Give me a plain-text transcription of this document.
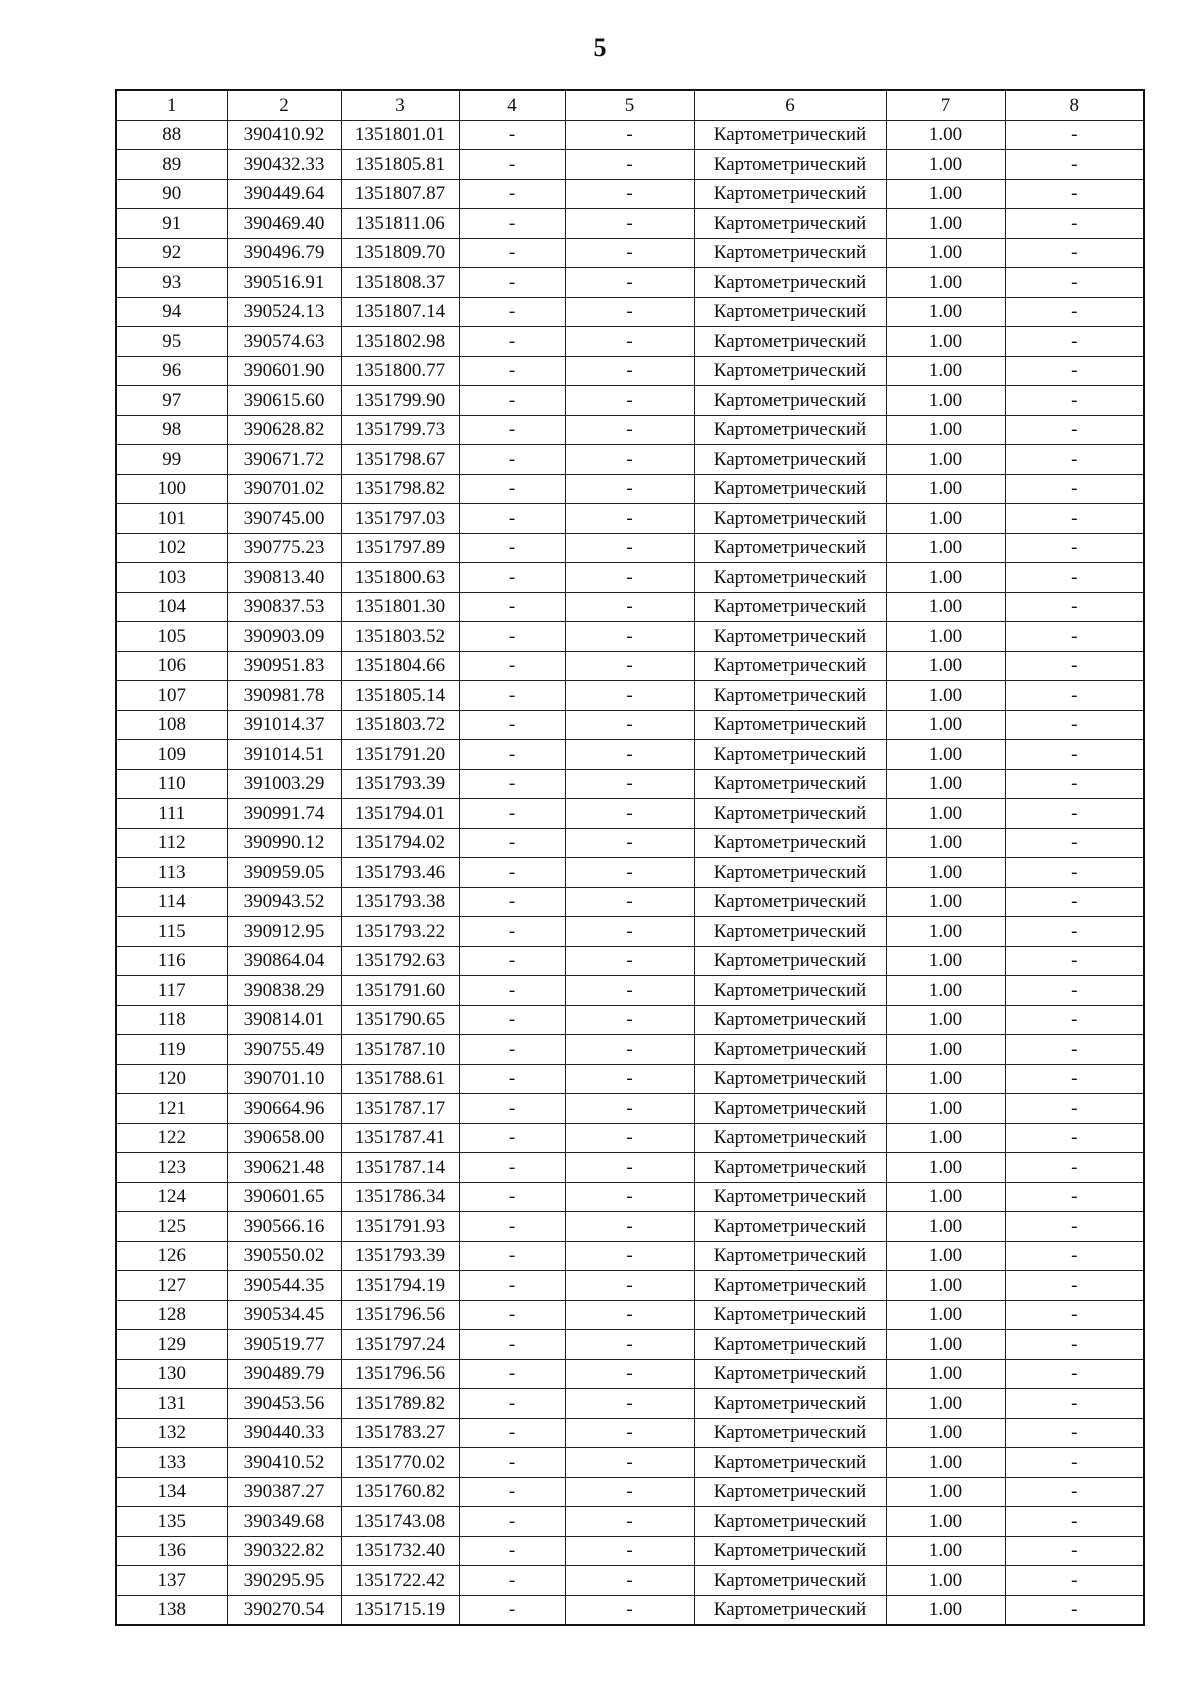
5
1	2	3	4	5	6	7	8
88	390410.92	1351801.01	-	-	Картометрический	1.00	-
89	390432.33	1351805.81	-	-	Картометрический	1.00	-
90	390449.64	1351807.87	-	-	Картометрический	1.00	-
91	390469.40	1351811.06	-	-	Картометрический	1.00	-
92	390496.79	1351809.70	-	-	Картометрический	1.00	-
93	390516.91	1351808.37	-	-	Картометрический	1.00	-
94	390524.13	1351807.14	-	-	Картометрический	1.00	-
95	390574.63	1351802.98	-	-	Картометрический	1.00	-
96	390601.90	1351800.77	-	-	Картометрический	1.00	-
97	390615.60	1351799.90	-	-	Картометрический	1.00	-
98	390628.82	1351799.73	-	-	Картометрический	1.00	-
99	390671.72	1351798.67	-	-	Картометрический	1.00	-
100	390701.02	1351798.82	-	-	Картометрический	1.00	-
101	390745.00	1351797.03	-	-	Картометрический	1.00	-
102	390775.23	1351797.89	-	-	Картометрический	1.00	-
103	390813.40	1351800.63	-	-	Картометрический	1.00	-
104	390837.53	1351801.30	-	-	Картометрический	1.00	-
105	390903.09	1351803.52	-	-	Картометрический	1.00	-
106	390951.83	1351804.66	-	-	Картометрический	1.00	-
107	390981.78	1351805.14	-	-	Картометрический	1.00	-
108	391014.37	1351803.72	-	-	Картометрический	1.00	-
109	391014.51	1351791.20	-	-	Картометрический	1.00	-
110	391003.29	1351793.39	-	-	Картометрический	1.00	-
111	390991.74	1351794.01	-	-	Картометрический	1.00	-
112	390990.12	1351794.02	-	-	Картометрический	1.00	-
113	390959.05	1351793.46	-	-	Картометрический	1.00	-
114	390943.52	1351793.38	-	-	Картометрический	1.00	-
115	390912.95	1351793.22	-	-	Картометрический	1.00	-
116	390864.04	1351792.63	-	-	Картометрический	1.00	-
117	390838.29	1351791.60	-	-	Картометрический	1.00	-
118	390814.01	1351790.65	-	-	Картометрический	1.00	-
119	390755.49	1351787.10	-	-	Картометрический	1.00	-
120	390701.10	1351788.61	-	-	Картометрический	1.00	-
121	390664.96	1351787.17	-	-	Картометрический	1.00	-
122	390658.00	1351787.41	-	-	Картометрический	1.00	-
123	390621.48	1351787.14	-	-	Картометрический	1.00	-
124	390601.65	1351786.34	-	-	Картометрический	1.00	-
125	390566.16	1351791.93	-	-	Картометрический	1.00	-
126	390550.02	1351793.39	-	-	Картометрический	1.00	-
127	390544.35	1351794.19	-	-	Картометрический	1.00	-
128	390534.45	1351796.56	-	-	Картометрический	1.00	-
129	390519.77	1351797.24	-	-	Картометрический	1.00	-
130	390489.79	1351796.56	-	-	Картометрический	1.00	-
131	390453.56	1351789.82	-	-	Картометрический	1.00	-
132	390440.33	1351783.27	-	-	Картометрический	1.00	-
133	390410.52	1351770.02	-	-	Картометрический	1.00	-
134	390387.27	1351760.82	-	-	Картометрический	1.00	-
135	390349.68	1351743.08	-	-	Картометрический	1.00	-
136	390322.82	1351732.40	-	-	Картометрический	1.00	-
137	390295.95	1351722.42	-	-	Картометрический	1.00	-
138	390270.54	1351715.19	-	-	Картометрический	1.00	-
